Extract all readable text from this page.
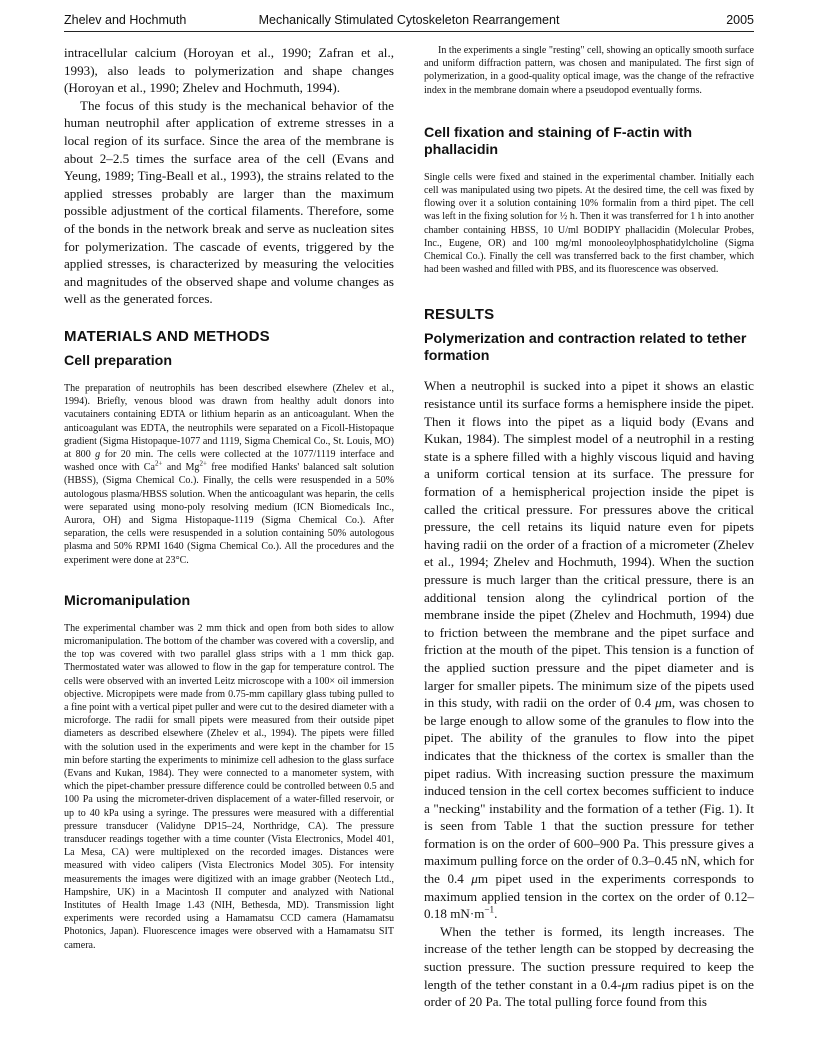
Zhelev and Hochmuth	Mechanically Stimulated Cytoskeleton Rearrangement	2005

intracellular calcium (Horoyan et al., 1990; Zafran et al., 1993), also leads to polymerization and shape changes (Horoyan et al., 1990; Zhelev and Hochmuth, 1994).

The focus of this study is the mechanical behavior of the human neutrophil after application of extreme stresses in a local region of its surface. Since the area of the membrane is about 2–2.5 times the surface area of the cell (Evans and Yeung, 1989; Ting-Beall et al., 1993), the strains related to the applied stresses probably are larger than the maximum possible adjustment of the cortical filaments. Therefore, some of the bonds in the network break and serve as nucleation sites for polymerization. The cascade of events, triggered by the applied stresses, is characterized by measuring the velocities and magnitudes of the observed shape and volume changes as well as the generated forces.

MATERIALS AND METHODS
Cell preparation

The preparation of neutrophils has been described elsewhere (Zhelev et al., 1994). Briefly, venous blood was drawn from healthy adult donors into vacutainers containing EDTA or lithium heparin as an anticoagulant. When the anticoagulant was EDTA, the neutrophils were separated on a Ficoll-Histopaque gradient (Sigma Histopaque-1077 and 1119, Sigma Chemical Co., St. Louis, MO) at 800 g for 20 min. The cells were collected at the 1077/1119 interface and washed once with $Ca^{2+}$ and $Mg^{2+}$ free modified Hanks' balanced salt solution (HBSS), (Sigma Chemical Co.). Finally, the cells were resuspended in a 50% autologous plasma/HBSS solution. When the anticoagulant was heparin, the cells were separated using mono-poly resolving medium (ICN Biomedicals Inc., Aurora, OH) and Sigma Histopaque-1119 (Sigma Chemical Co.). After separation, the cells were resuspended in a solution containing 50% autologous plasma and 50% RPMI 1640 (Sigma Chemical Co.). All the procedures and the experiment were done at 23°C.

Micromanipulation

The experimental chamber was 2 mm thick and open from both sides to allow micromanipulation. The bottom of the chamber was covered with a coverslip, and the top was covered with two parallel glass strips with a 1 mm thick gap. Thermostated water was allowed to flow in the gap for temperature control. The cells were observed with an inverted Leitz microscope with a 100× oil immersion objective. Micropipets were made from 0.75-mm capillary glass tubing pulled to a fine point with a vertical pipet puller and were cut to the desired diameter with a microforge. The radii for small pipets were measured from their outside pipet diameters as described elsewhere (Zhelev et al., 1994). The pipets were filled with the solution used in the experiments and were kept in the chamber for 15 min before starting the experiments to minimize cell adhesion to the glass surface (Evans and Kukan, 1984). They were connected to a manometer system, with which the pipet-chamber pressure difference could be controlled between 0.5 and 100 Pa using the micrometer-driven displacement of a water-filled reservoir, or up to 40 kPa using a syringe. The pressures were measured with a differential pressure transducer (Validyne DP15–24, Northridge, CA). The pressure transducer readings together with a time counter (Vista Electronics, Model 401, La Mesa, CA) were multiplexed on the recorded images. Distances were measured with video calipers (Vista Electronics Model 305). For intensity measurements the images were digitized with an image grabber (Neotech Ltd., Hampshire, UK) in a Macintosh II computer and analyzed with National Institutes of Health Image 1.43 (NIH, Bethesda, MD). Transmission light experiments were recorded using a Hamamatsu CCD camera (Hamamatsu Photonics, Japan). Fluorescence images were observed with a Hamamatsu SIT camera.

In the experiments a single "resting" cell, showing an optically smooth surface and uniform diffraction pattern, was chosen and manipulated. The first sign of polymerization, in a good-quality optical image, was the change of the refractive index in the membrane domain where a pseudopod eventually forms.

Cell fixation and staining of F-actin with phallacidin

Single cells were fixed and stained in the experimental chamber. Initially each cell was manipulated using two pipets. At the desired time, the cell was fixed by flowing over it a solution containing 10% formalin from a third pipet. The cell was left in the fixing solution for ½ h. Then it was transferred for 1 h into another chamber containing HBSS, 10 U/ml BODIPY phallacidin (Molecular Probes, Inc., Eugene, OR) and 100 mg/ml monooleoylphosphatidylcholine (Sigma Chemical Co.). Finally the cell was transferred back to the first chamber, which had been washed and filled with PBS, and its fluorescence was observed.

RESULTS
Polymerization and contraction related to tether formation

When a neutrophil is sucked into a pipet it shows an elastic resistance until its surface forms a hemisphere inside the pipet. Then it flows into the pipet as a liquid body (Evans and Kukan, 1984). The simplest model of a neutrophil in a resting state is a sphere filled with a highly viscous liquid and having a uniform cortical tension at its surface. The pressure for formation of a hemispherical projection inside the pipet is called the critical pressure. For pressures above the critical pressure, the cell retains its liquid nature even for pipets having radii on the order of a fraction of a micrometer (Zhelev et al., 1994; Zhelev and Hochmuth, 1994). When the suction pressure is much larger than the critical pressure, there is an additional tension along the cylindrical portion of the membrane inside the pipet (Zhelev and Hochmuth, 1994) due to friction between the membrane and the pipet surface and friction at the mouth of the pipet. This tension is a function of the applied suction pressure and the pipet diameter and is larger for smaller pipets. The minimum size of the pipets used in this study, with radii on the order of 0.4 μm, was chosen to be large enough to allow some of the granules to flow into the pipet. The ability of the granules to flow into the pipet indicates that the thickness of the cortex is smaller than the pipet radius. With increasing suction pressure the maximum induced tension in the cell cortex becomes sufficient to induce a "necking" instability and the formation of a tether (Fig. 1). It is seen from Table 1 that the suction pressure for tether formation is on the order of 600–900 Pa. This pressure gives a maximum pulling force on the order of 0.3–0.45 nN, which for the 0.4 μm pipet used in the experiments corresponds to maximum applied tension in the cortex on the order of 0.12–0.18 $mN\cdot m^{-1}$.

When the tether is formed, its length increases. The increase of the tether length can be stopped by decreasing the suction pressure. The suction pressure required to keep the length of the tether constant in a 0.4-μm radius pipet is on the order of 20 Pa. The total pulling force found from this
